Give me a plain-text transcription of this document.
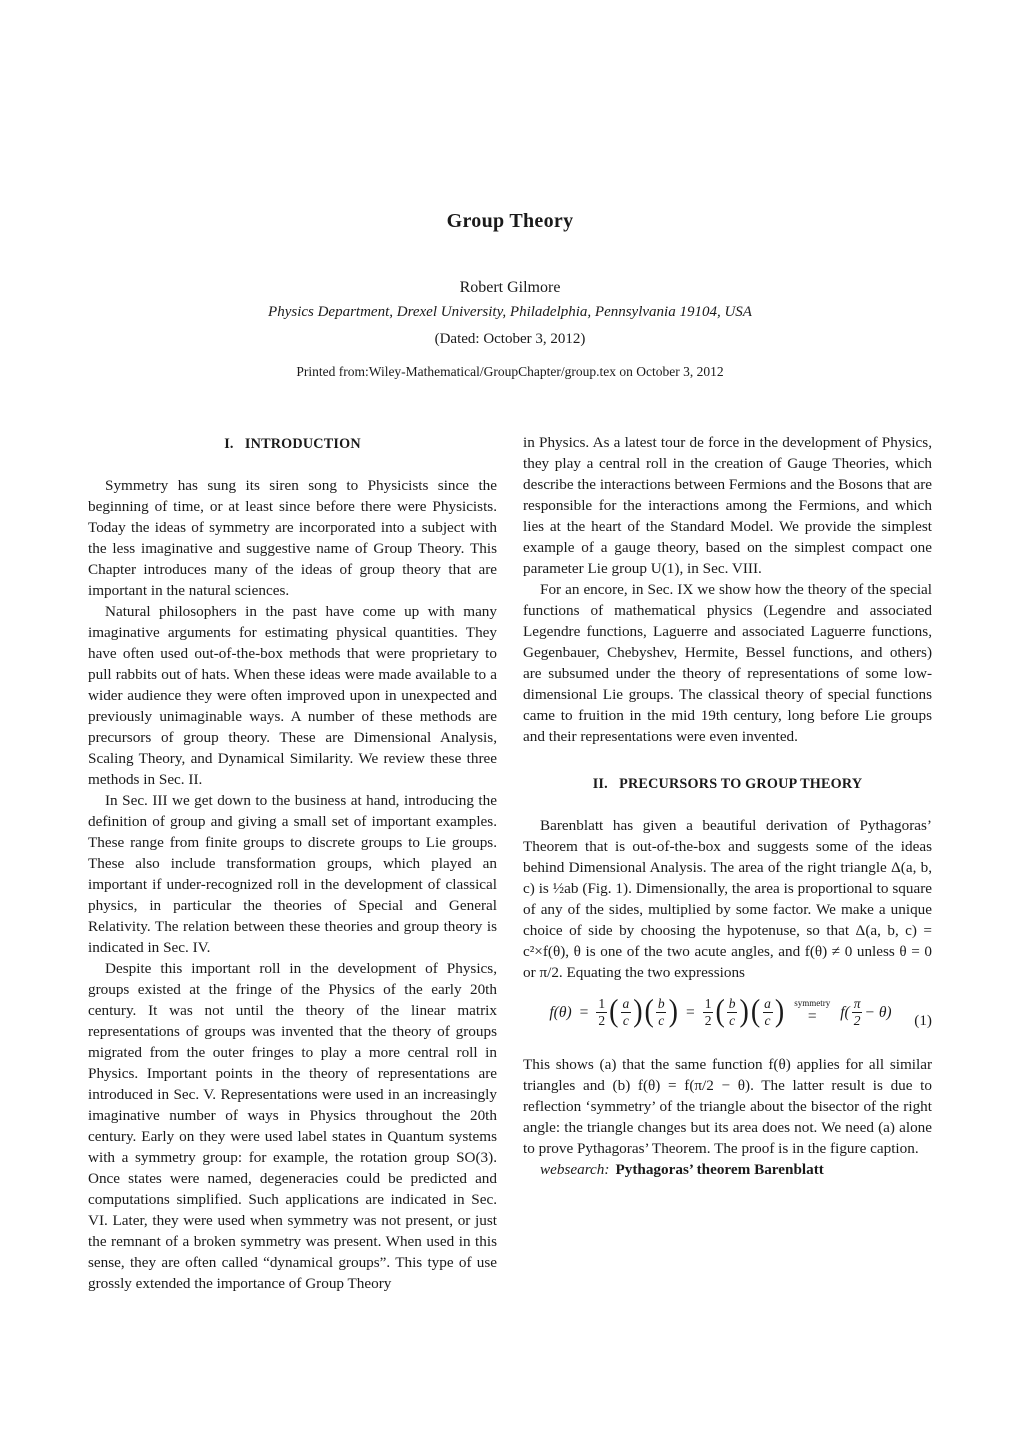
Group Theory
Robert Gilmore
Physics Department, Drexel University, Philadelphia, Pennsylvania 19104, USA
(Dated: October 3, 2012)
Printed from:Wiley-Mathematical/GroupChapter/group.tex on October 3, 2012
I.   INTRODUCTION

Symmetry has sung its siren song to Physicists since the beginning of time, or at least since before there were Physicists. Today the ideas of symmetry are incorporated into a subject with the less imaginative and suggestive name of Group Theory. This Chapter introduces many of the ideas of group theory that are important in the natural sciences.

Natural philosophers in the past have come up with many imaginative arguments for estimating physical quantities. They have often used out-of-the-box methods that were proprietary to pull rabbits out of hats. When these ideas were made available to a wider audience they were often improved upon in unexpected and previously unimaginable ways. A number of these methods are precursors of group theory. These are Dimensional Analysis, Scaling Theory, and Dynamical Similarity. We review these three methods in Sec. II.

In Sec. III we get down to the business at hand, introducing the definition of group and giving a small set of important examples. These range from finite groups to discrete groups to Lie groups. These also include transformation groups, which played an important if under-recognized roll in the development of classical physics, in particular the theories of Special and General Relativity. The relation between these theories and group theory is indicated in Sec. IV.

Despite this important roll in the development of Physics, groups existed at the fringe of the Physics of the early 20th century. It was not until the theory of the linear matrix representations of groups was invented that the theory of groups migrated from the outer fringes to play a more central roll in Physics. Important points in the theory of representations are introduced in Sec. V. Representations were used in an increasingly imaginative number of ways in Physics throughout the 20th century. Early on they were used label states in Quantum systems with a symmetry group: for example, the rotation group SO(3). Once states were named, degeneracies could be predicted and computations simplified. Such applications are indicated in Sec. VI. Later, they were used when symmetry was not present, or just the remnant of a broken symmetry was present. When used in this sense, they are often called “dynamical groups”. This type of use grossly extended the importance of Group Theory

in Physics. As a latest tour de force in the development of Physics, they play a central roll in the creation of Gauge Theories, which describe the interactions between Fermions and the Bosons that are responsible for the interactions among the Fermions, and which lies at the heart of the Standard Model. We provide the simplest example of a gauge theory, based on the simplest compact one parameter Lie group U(1), in Sec. VIII.

For an encore, in Sec. IX we show how the theory of the special functions of mathematical physics (Legendre and associated Legendre functions, Laguerre and associated Laguerre functions, Gegenbauer, Chebyshev, Hermite, Bessel functions, and others) are subsumed under the theory of representations of some low-dimensional Lie groups. The classical theory of special functions came to fruition in the mid 19th century, long before Lie groups and their representations were even invented.

II.   PRECURSORS TO GROUP THEORY

Barenblatt has given a beautiful derivation of Pythagoras’ Theorem that is out-of-the-box and suggests some of the ideas behind Dimensional Analysis. The area of the right triangle Δ(a, b, c) is ½ab (Fig. 1). Dimensionally, the area is proportional to square of any of the sides, multiplied by some factor. We make a unique choice of side by choosing the hypotenuse, so that Δ(a, b, c) = c²×f(θ), θ is one of the two acute angles, and f(θ) ≠ 0 unless θ = 0 or π/2. Equating the two expressions

$f(\theta) = \frac{1}{2}$ ( $\frac{a}{c}$ ) ( $\frac{b}{c}$ ) = $\frac{1}{2}$ ( $\frac{b}{c}$ ) ( $\frac{a}{c}$ ) symmetry
= $f( \frac{\pi}{2} - \theta)$
(1)

This shows (a) that the same function f(θ) applies for all similar triangles and (b) f(θ) = f(π/2 − θ). The latter result is due to reflection ‘symmetry’ of the triangle about the bisector of the right angle: the triangle changes but its area does not. We need (a) alone to prove Pythagoras’ Theorem. The proof is in the figure caption.

websearch: Pythagoras’ theorem Barenblatt
